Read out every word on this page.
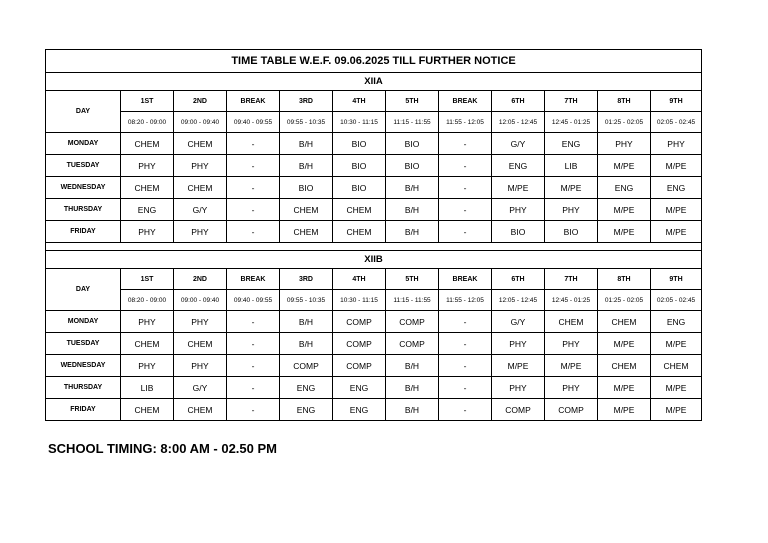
TIME TABLE W.E.F. 09.06.2025 TILL FURTHER NOTICE											
XIIA											
DAY	1ST	2ND	BREAK	3RD	4TH	5TH	BREAK	6TH	7TH	8TH	9TH
	08:20 - 09:00	09:00 - 09:40	09:40 - 09:55	09:55 - 10:35	10:30 - 11:15	11:15 - 11:55	11:55 - 12:05	12:05 - 12:45	12:45 - 01:25	01:25 - 02:05	02:05 - 02:45
MONDAY	CHEM	CHEM	-	B/H	BIO	BIO	-	G/Y	ENG	PHY	PHY
TUESDAY	PHY	PHY	-	B/H	BIO	BIO	-	ENG	LIB	M/PE	M/PE
WEDNESDAY	CHEM	CHEM	-	BIO	BIO	B/H	-	M/PE	M/PE	ENG	ENG
THURSDAY	ENG	G/Y	-	CHEM	CHEM	B/H	-	PHY	PHY	M/PE	M/PE
FRIDAY	PHY	PHY	-	CHEM	CHEM	B/H	-	BIO	BIO	M/PE	M/PE

XIIB											
DAY	1ST	2ND	BREAK	3RD	4TH	5TH	BREAK	6TH	7TH	8TH	9TH
	08:20 - 09:00	09:00 - 09:40	09:40 - 09:55	09:55 - 10:35	10:30 - 11:15	11:15 - 11:55	11:55 - 12:05	12:05 - 12:45	12:45 - 01:25	01:25 - 02:05	02:05 - 02:45
MONDAY	PHY	PHY	-	B/H	COMP	COMP	-	G/Y	CHEM	CHEM	ENG
TUESDAY	CHEM	CHEM	-	B/H	COMP	COMP	-	PHY	PHY	M/PE	M/PE
WEDNESDAY	PHY	PHY	-	COMP	COMP	B/H	-	M/PE	M/PE	CHEM	CHEM
THURSDAY	LIB	G/Y	-	ENG	ENG	B/H	-	PHY	PHY	M/PE	M/PE
FRIDAY	CHEM	CHEM	-	ENG	ENG	B/H	-	COMP	COMP	M/PE	M/PE
SCHOOL TIMING: 8:00 AM - 02.50 PM
